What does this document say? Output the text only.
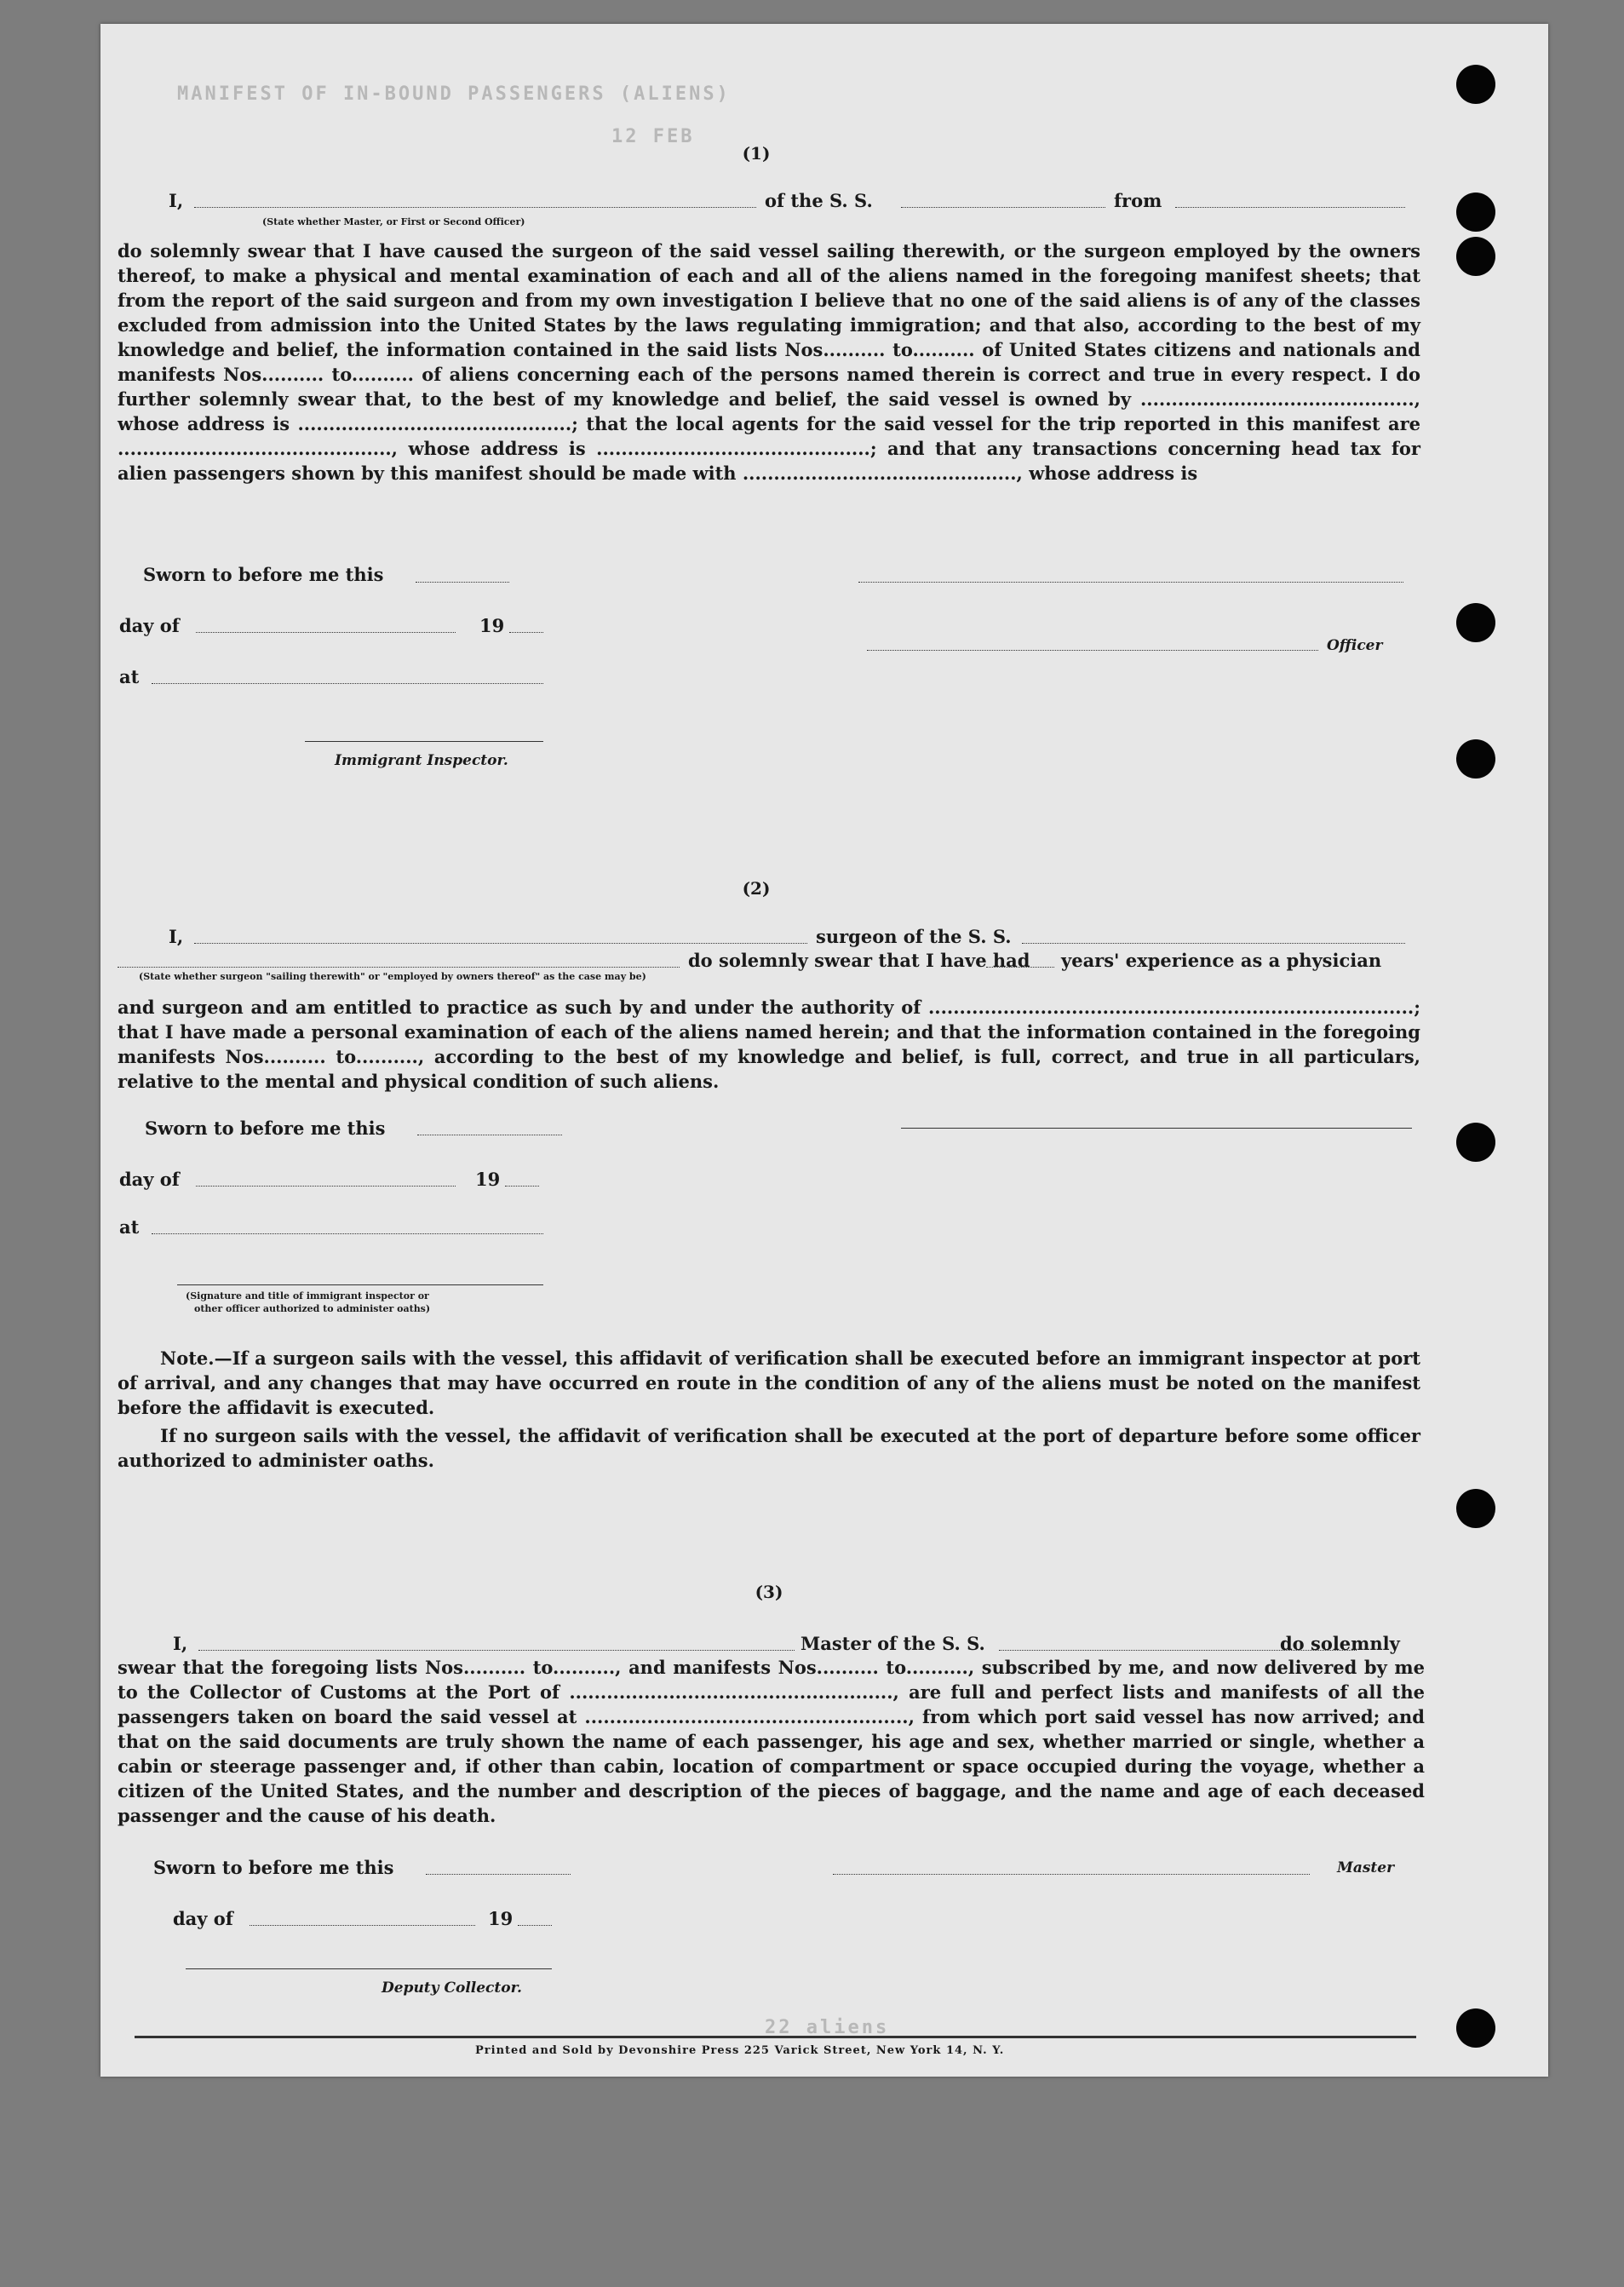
MANIFEST OF IN-BOUND PASSENGERS (ALIENS)
12 FEB
22 aliens
(1)
I,	of the S. S.	from
(State whether Master, or First or Second Officer)
do solemnly swear that I have caused the surgeon of the said vessel sailing therewith, or the surgeon employed by the owners thereof, to make a physical and mental examination of each and all of the aliens named in the foregoing manifest sheets; that from the report of the said surgeon and from my own investigation I believe that no one of the said aliens is of any of the classes excluded from admission into the United States by the laws regulating immigration; and that also, according to the best of my knowledge and belief, the information contained in the said lists Nos.......... to.......... of United States citizens and nationals and manifests Nos.......... to.......... of aliens concerning each of the persons named therein is correct and true in every respect. I do further solemnly swear that, to the best of my knowledge and belief, the said vessel is owned by ............................................, whose address is ............................................; that the local agents for the said vessel for the trip reported in this manifest are ............................................, whose address is ............................................; and that any transactions concerning head tax for alien passengers shown by this manifest should be made with ............................................, whose address is
Sworn to before me this
day of	19
Officer
at
Immigrant Inspector.
(2)
I,	surgeon of the S. S.
do solemnly swear that I have had years' experience as a physician
(State whether surgeon "sailing therewith" or "employed by owners thereof" as the case may be)
and surgeon and am entitled to practice as such by and under the authority of ..............................................................................; that I have made a personal examination of each of the aliens named herein; and that the information contained in the foregoing manifests Nos.......... to.........., according to the best of my knowledge and belief, is full, correct, and true in all particulars, relative to the mental and physical condition of such aliens.
Sworn to before me this
day of	19
at
(Signature and title of immigrant inspector or
other officer authorized to administer oaths)
Note.—If a surgeon sails with the vessel, this affidavit of verification shall be executed before an immigrant inspector at port of arrival, and any changes that may have occurred en route in the condition of any of the aliens must be noted on the manifest before the affidavit is executed.
If no surgeon sails with the vessel, the affidavit of verification shall be executed at the port of departure before some officer authorized to administer oaths.
(3)
I,	Master of the S. S.	do solemnly
swear that the foregoing lists Nos.......... to.........., and manifests Nos.......... to.........., subscribed by me, and now delivered by me to the Collector of Customs at the Port of ...................................................., are full and perfect lists and manifests of all the passengers taken on board the said vessel at ...................................................., from which port said vessel has now arrived; and that on the said documents are truly shown the name of each passenger, his age and sex, whether married or single, whether a cabin or steerage passenger and, if other than cabin, location of compartment or space occupied during the voyage, whether a citizen of the United States, and the number and description of the pieces of baggage, and the name and age of each deceased passenger and the cause of his death.
Sworn to before me this	Master
day of	19
Deputy Collector.
Printed and Sold by Devonshire Press 225 Varick Street, New York 14, N. Y.
